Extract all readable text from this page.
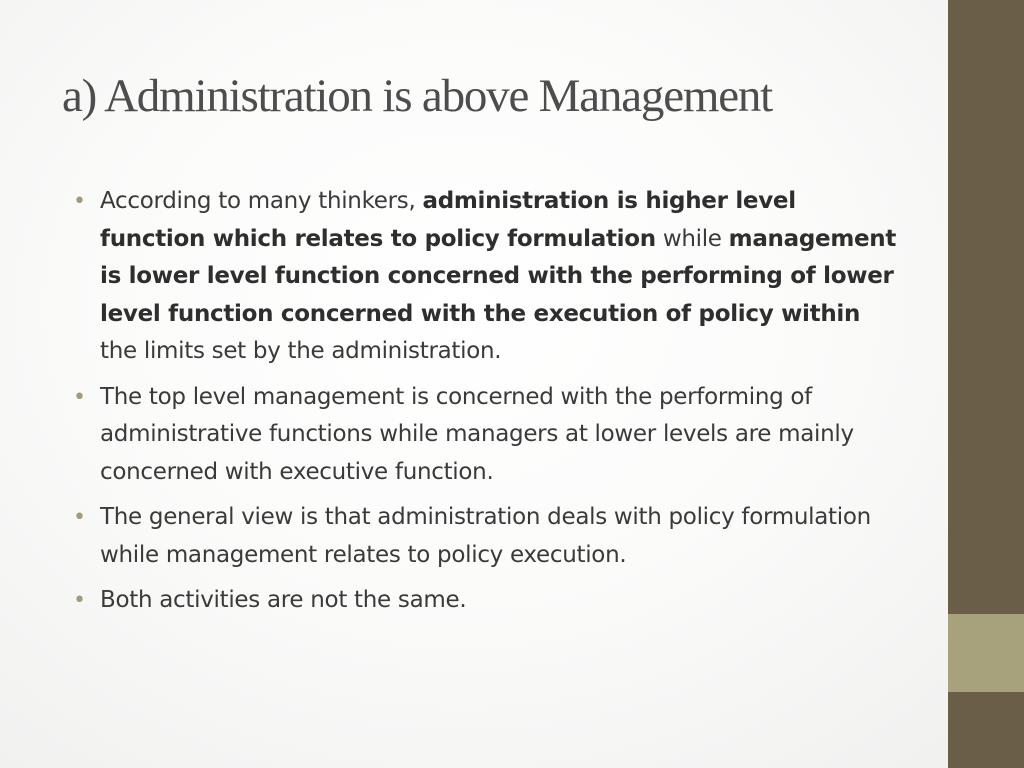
a) Administration is above Management
• According to many thinkers, administration is higher level function which relates to policy formulation while management is lower level function concerned with the performing of lower level function concerned with the execution of policy within the limits set by the administration.
• The top level management is concerned with the performing of administrative functions while managers at lower levels are mainly concerned with executive function.
• The general view is that administration deals with policy formulation while management relates to policy execution.
• Both activities are not the same.
